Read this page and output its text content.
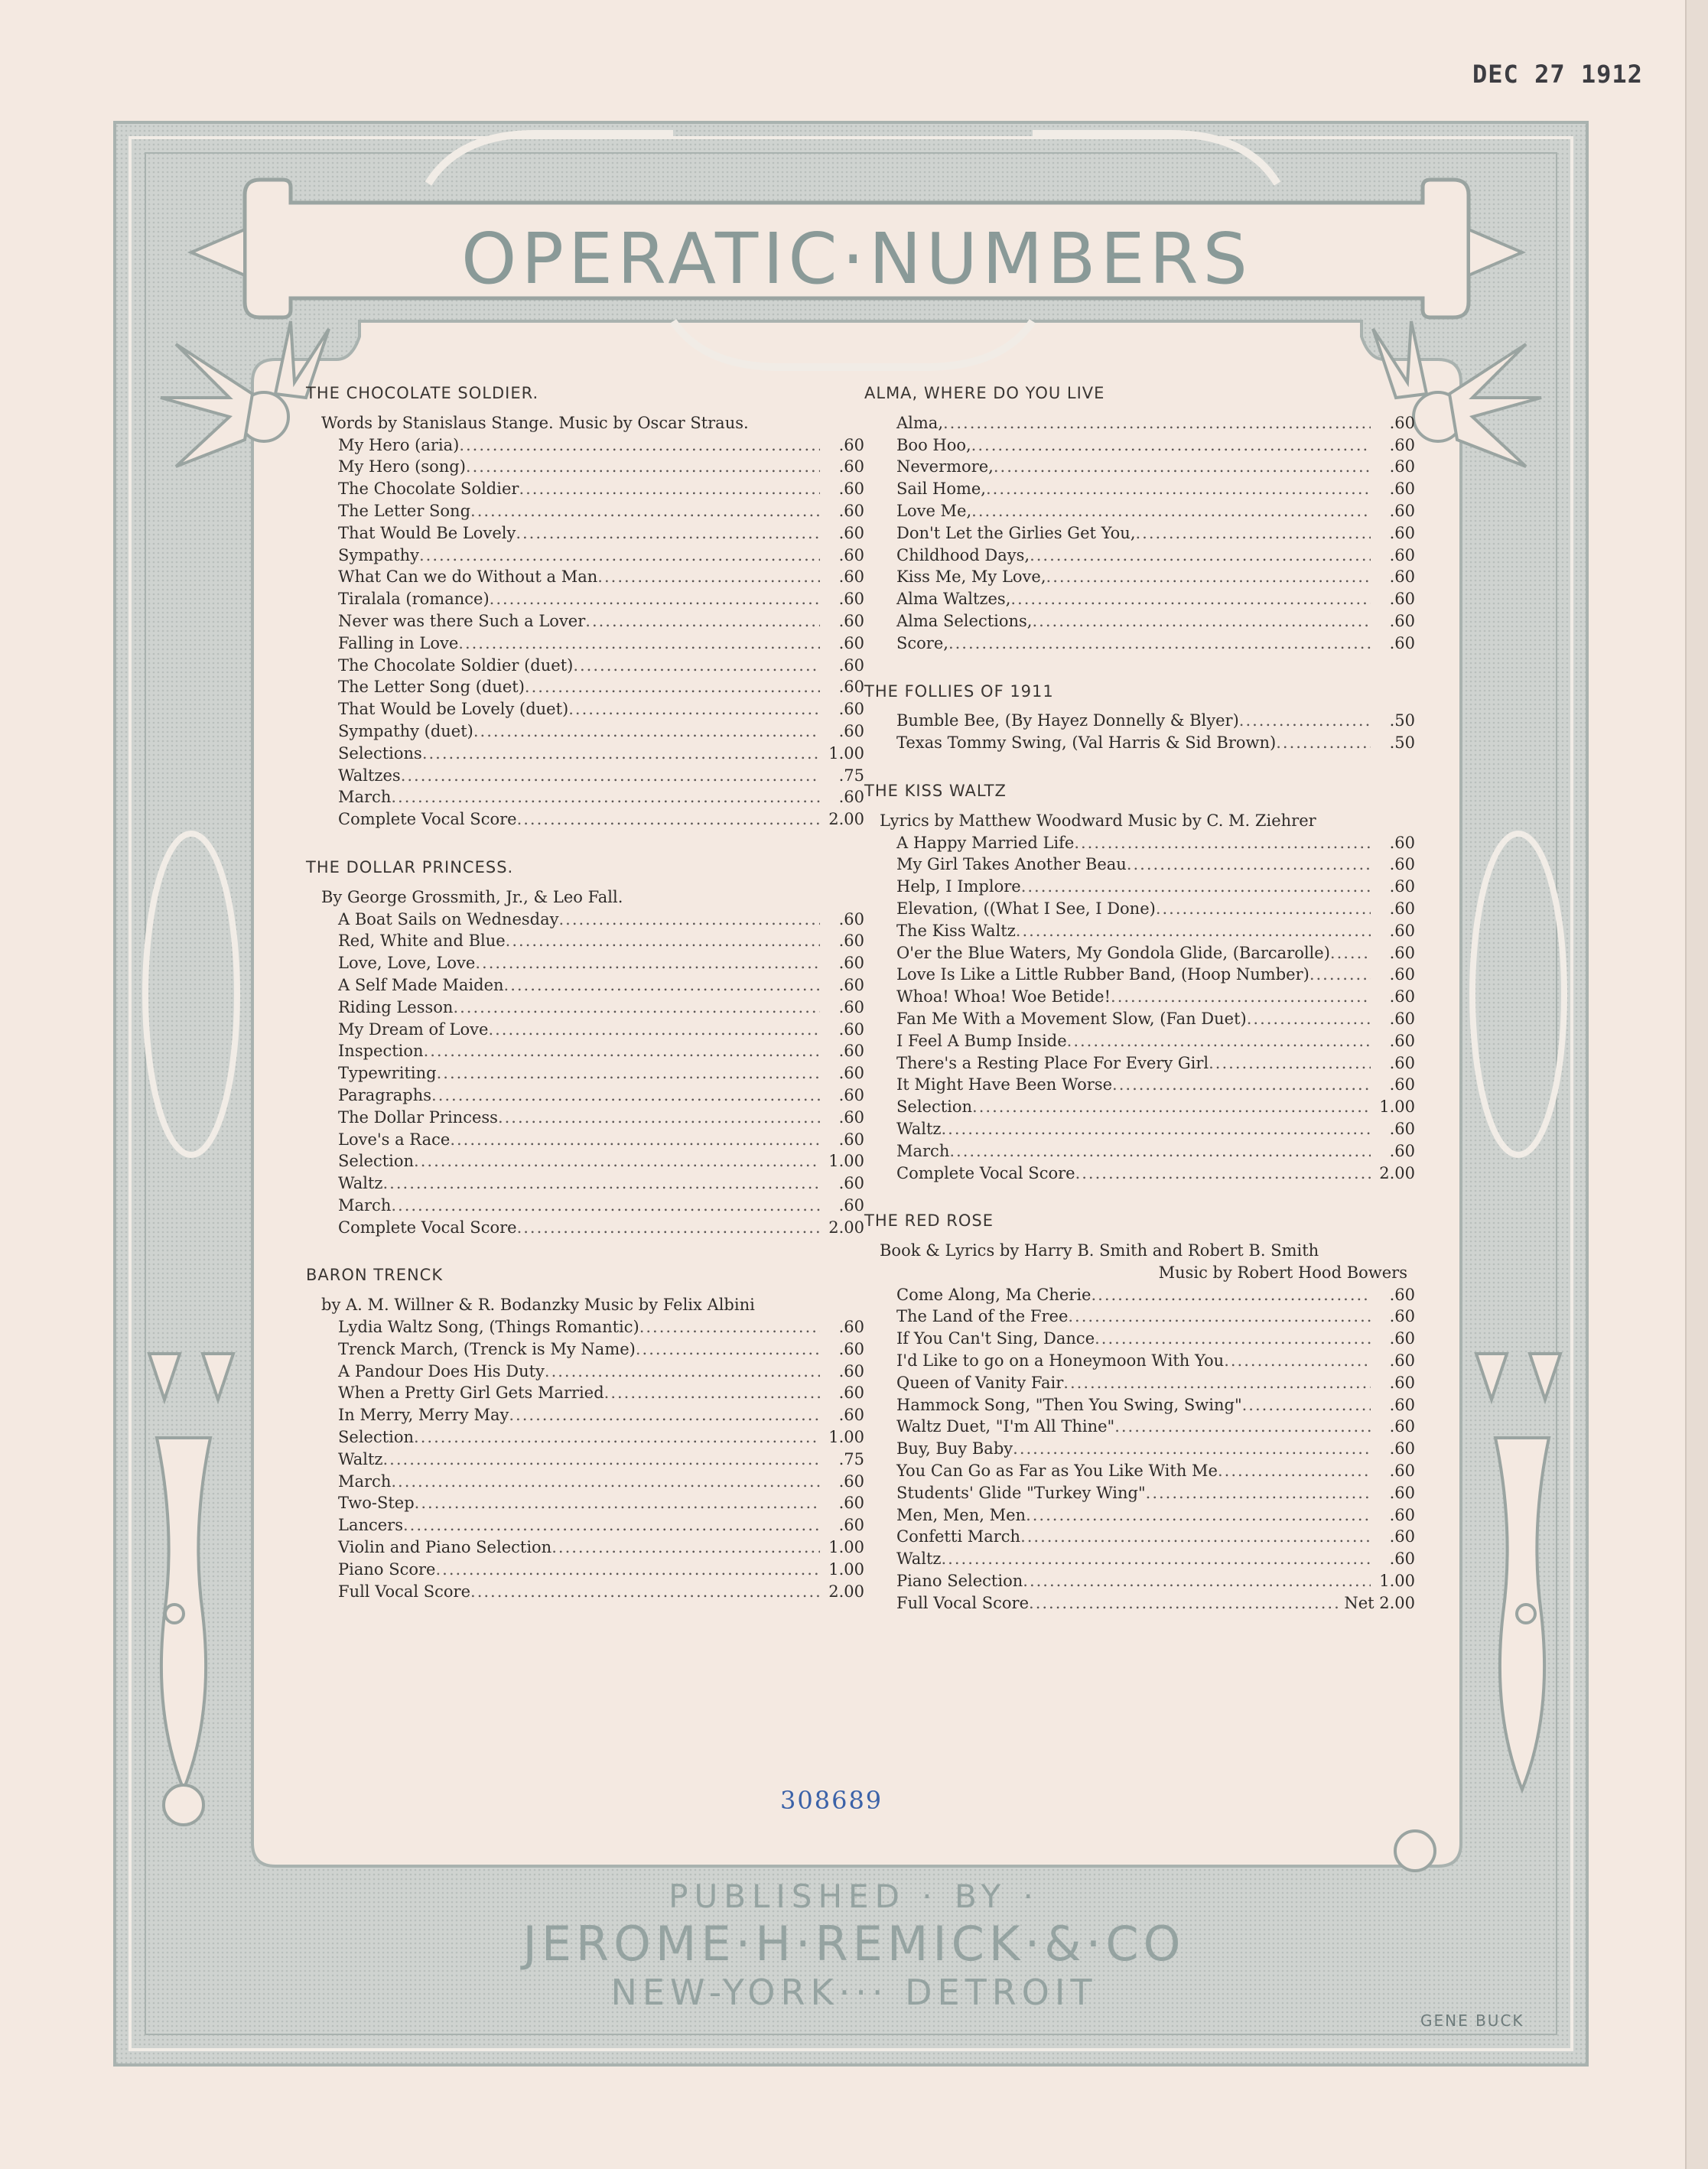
DEC 27 1912
OPERATIC·NUMBERS
THE CHOCOLATE SOLDIER.
Words by Stanislaus Stange. Music by Oscar Straus.
My Hero (aria) .....	.60
My Hero (song) .....	.60
The Chocolate Soldier .....	.60
The Letter Song .....	.60
That Would Be Lovely .....	.60
Sympathy .....	.60
What Can we do Without a Man .....	.60
Tiralala (romance) .....	.60
Never was there Such a Lover .....	.60
Falling in Love .....	.60
The Chocolate Soldier (duet) .....	.60
The Letter Song (duet) .....	.60
That Would be Lovely (duet) .....	.60
Sympathy (duet) .....	.60
Selections .....	1.00
Waltzes .....	.75
March .....	.60
Complete Vocal Score .....	2.00
THE DOLLAR PRINCESS.
By George Grossmith, Jr., & Leo Fall.
A Boat Sails on Wednesday .....	.60
Red, White and Blue .....	.60
Love, Love, Love .....	.60
A Self Made Maiden .....	.60
Riding Lesson .....	.60
My Dream of Love .....	.60
Inspection .....	.60
Typewriting .....	.60
Paragraphs .....	.60
The Dollar Princess .....	.60
Love's a Race .....	.60
Selection .....	1.00
Waltz .....	.60
March .....	.60
Complete Vocal Score .....	2.00
BARON TRENCK
by A. M. Willner & R. Bodanzky Music by Felix Albini
Lydia Waltz Song, (Things Romantic) .....	.60
Trenck March, (Trenck is My Name) .....	.60
A Pandour Does His Duty .....	.60
When a Pretty Girl Gets Married .....	.60
In Merry, Merry May .....	.60
Selection .....	1.00
Waltz .....	.75
March .....	.60
Two-Step .....	.60
Lancers .....	.60
Violin and Piano Selection .....	1.00
Piano Score .....	1.00
Full Vocal Score .....	2.00
ALMA, WHERE DO YOU LIVE
Alma, .....	.60
Boo Hoo, .....	.60
Nevermore, .....	.60
Sail Home, .....	.60
Love Me, .....	.60
Don't Let the Girlies Get You, .....	.60
Childhood Days, .....	.60
Kiss Me, My Love, .....	.60
Alma Waltzes, .....	.60
Alma Selections, .....	.60
Score, .....	.60
THE FOLLIES OF 1911
Bumble Bee, (By Hayez Donnelly & Blyer) .....	.50
Texas Tommy Swing, (Val Harris & Sid Brown) .....	.50
THE KISS WALTZ
Lyrics by Matthew Woodward Music by C. M. Ziehrer
A Happy Married Life .....	.60
My Girl Takes Another Beau .....	.60
Help, I Implore .....	.60
Elevation, ((What I See, I Done) .....	.60
The Kiss Waltz .....	.60
O'er the Blue Waters, My Gondola Glide, (Barcarolle) .....	.60
Love Is Like a Little Rubber Band, (Hoop Number) .....	.60
Whoa! Whoa! Woe Betide! .....	.60
Fan Me With a Movement Slow, (Fan Duet) .....	.60
I Feel A Bump Inside .....	.60
There's a Resting Place For Every Girl .....	.60
It Might Have Been Worse .....	.60
Selection .....	1.00
Waltz .....	.60
March .....	.60
Complete Vocal Score .....	2.00
THE RED ROSE
Book & Lyrics by Harry B. Smith and Robert B. Smith
Music by Robert Hood Bowers
Come Along, Ma Cherie .....	.60
The Land of the Free .....	.60
If You Can't Sing, Dance .....	.60
I'd Like to go on a Honeymoon With You .....	.60
Queen of Vanity Fair .....	.60
Hammock Song, "Then You Swing, Swing" .....	.60
Waltz Duet, "I'm All Thine" .....	.60
Buy, Buy Baby .....	.60
You Can Go as Far as You Like With Me .....	.60
Students' Glide "Turkey Wing" .....	.60
Men, Men, Men .....	.60
Confetti March .....	.60
Waltz .....	.60
Piano Selection .....	1.00
Full Vocal Score .....	Net 2.00
308689
PUBLISHED · BY ·
JEROME·H·REMICK·&·CO
NEW-YORK··· DETROIT
GENE BUCK
